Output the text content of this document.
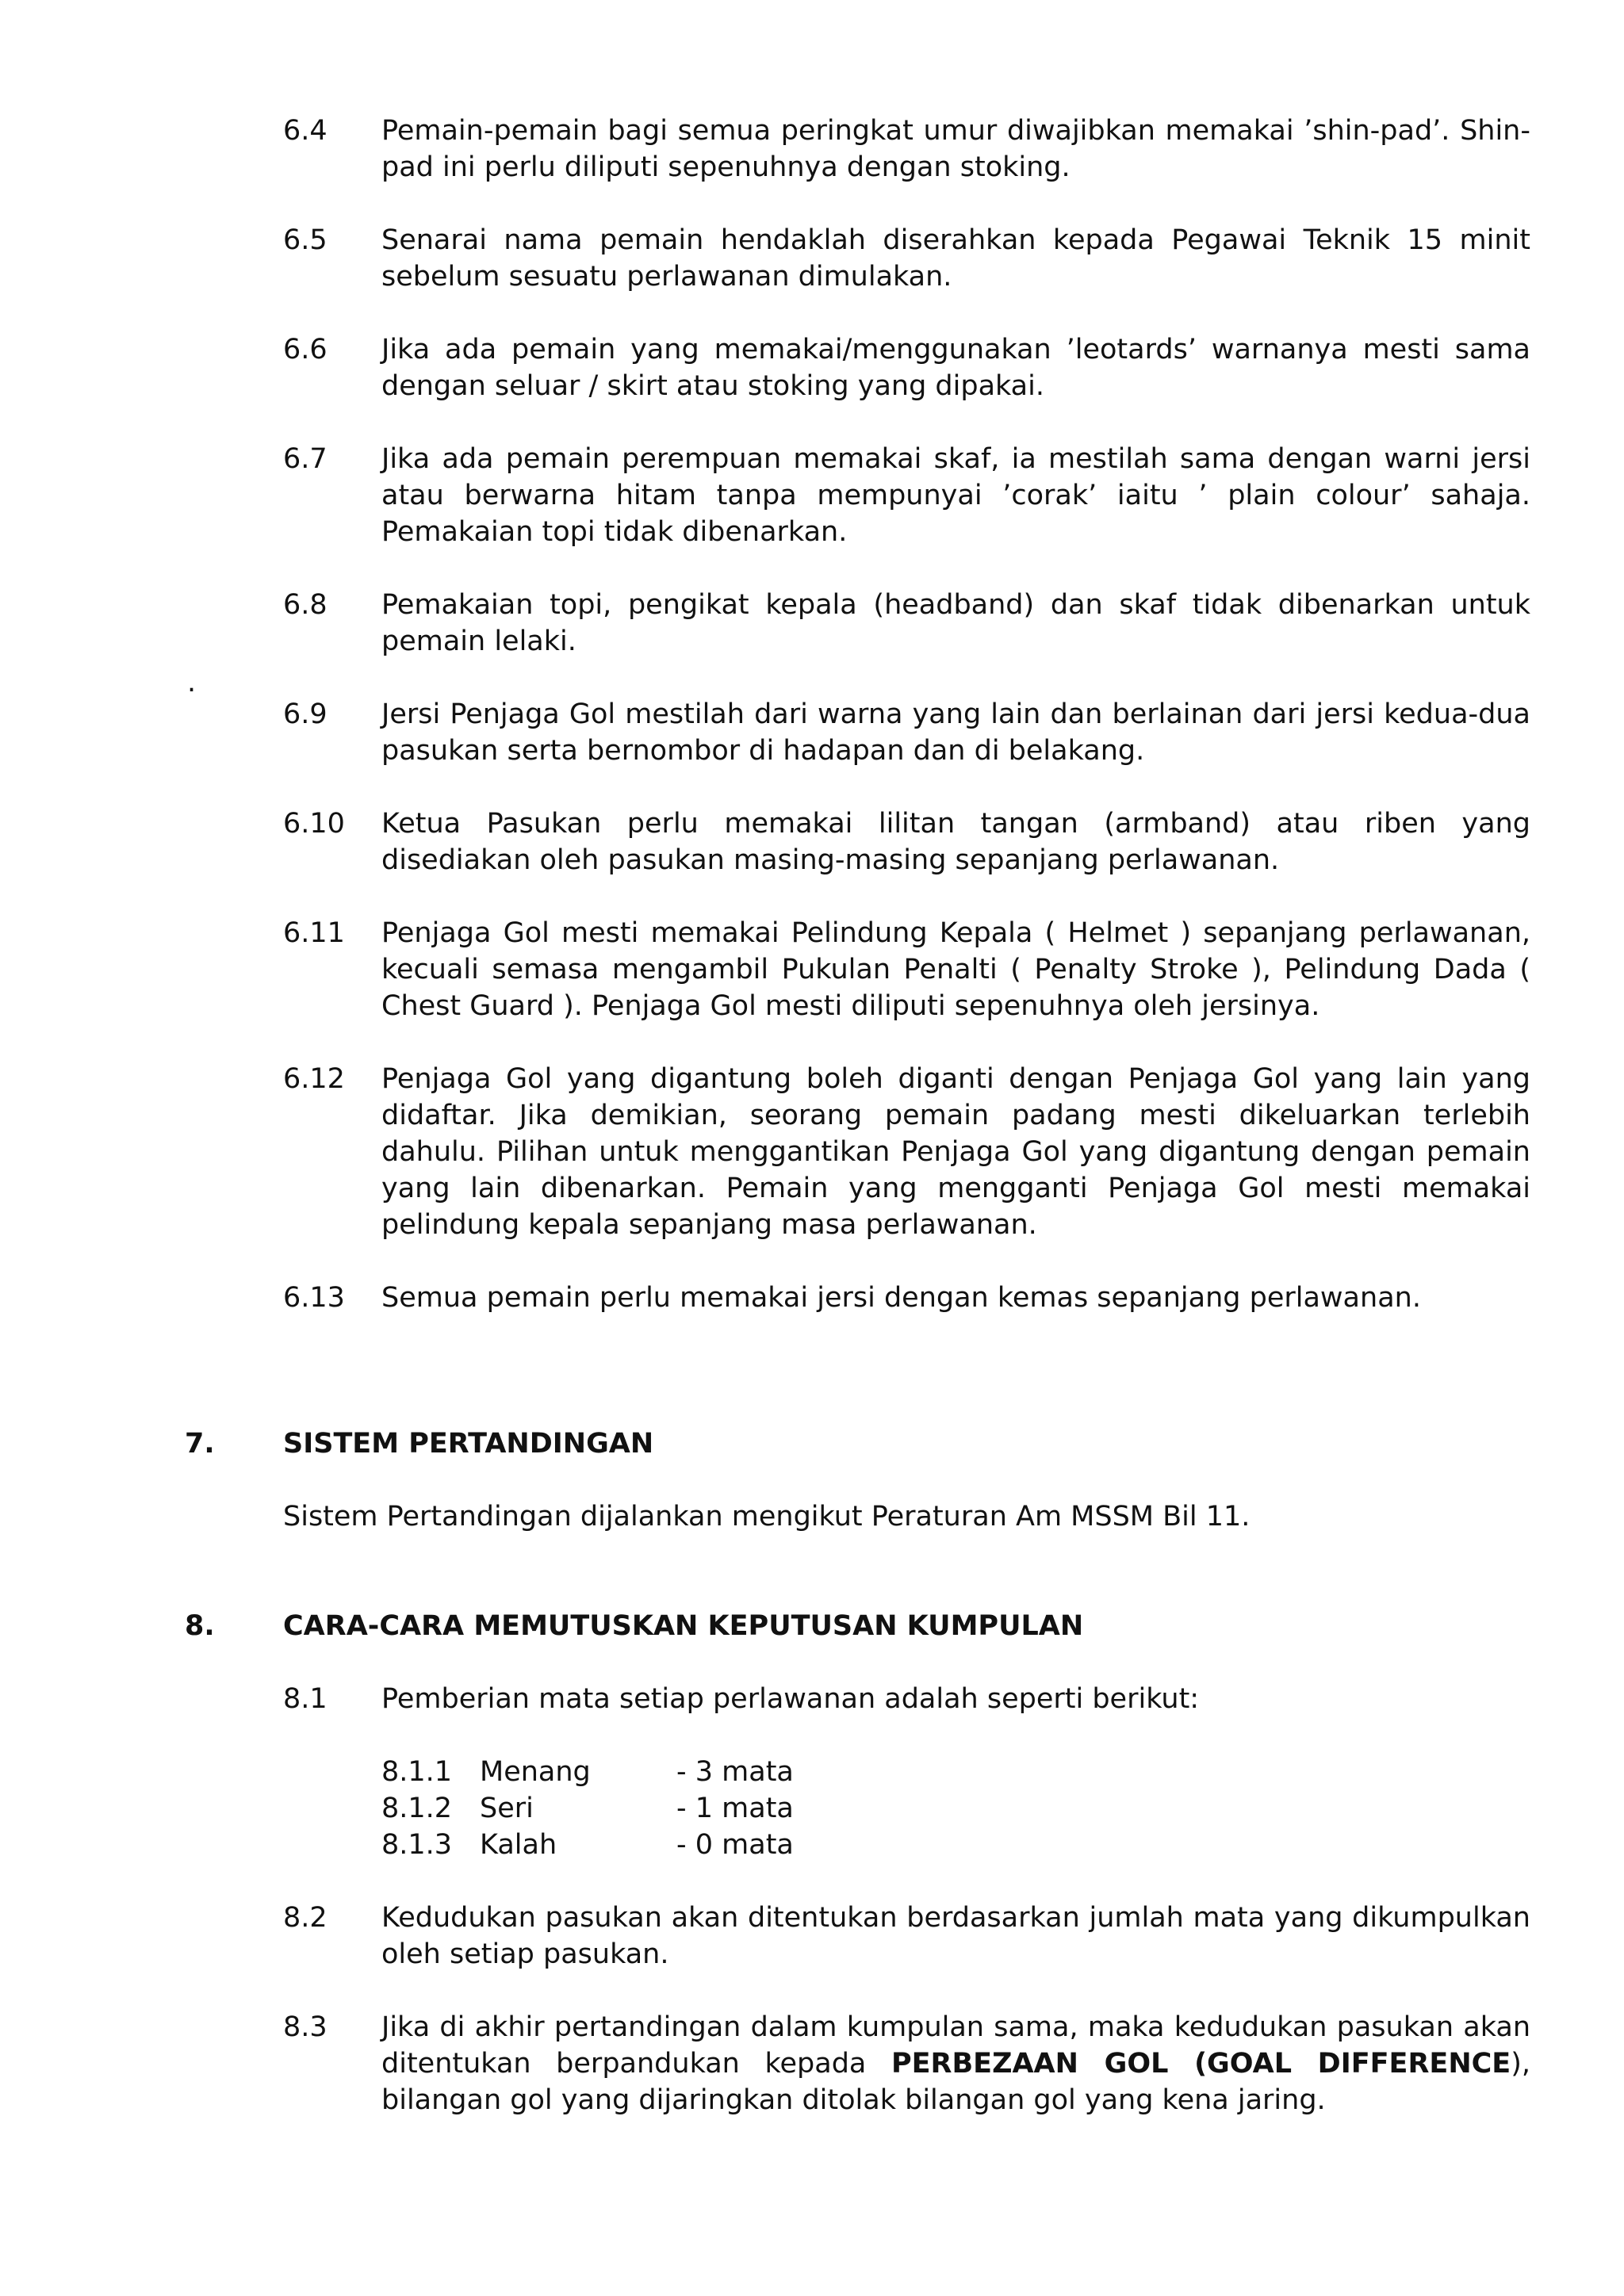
6.4 Pemain-pemain bagi semua peringkat umur diwajibkan memakai ’shin-pad’. Shin-pad ini perlu diliputi sepenuhnya dengan stoking.
6.5 Senarai nama pemain hendaklah diserahkan kepada Pegawai Teknik 15 minit sebelum sesuatu perlawanan dimulakan.
6.6 Jika ada pemain yang memakai/menggunakan ’leotards’ warnanya mesti sama dengan seluar / skirt atau stoking yang dipakai.
6.7 Jika ada pemain perempuan memakai skaf, ia mestilah sama dengan warni jersi atau berwarna hitam tanpa mempunyai ’corak’ iaitu ’ plain colour’ sahaja. Pemakaian topi tidak dibenarkan.
6.8 Pemakaian topi, pengikat kepala (headband) dan skaf tidak dibenarkan untuk pemain lelaki.
.
6.9 Jersi Penjaga Gol mestilah dari warna yang lain dan berlainan dari jersi kedua-dua pasukan serta bernombor di hadapan dan di belakang.
6.10 Ketua Pasukan perlu memakai lilitan tangan (armband) atau riben yang disediakan oleh pasukan masing-masing sepanjang perlawanan.
6.11 Penjaga Gol mesti memakai Pelindung Kepala ( Helmet ) sepanjang perlawanan, kecuali semasa mengambil Pukulan Penalti ( Penalty Stroke ), Pelindung Dada ( Chest Guard ). Penjaga Gol mesti diliputi sepenuhnya oleh jersinya.
6.12 Penjaga Gol yang digantung boleh diganti dengan Penjaga Gol yang lain yang didaftar. Jika demikian, seorang pemain padang mesti dikeluarkan terlebih dahulu. Pilihan untuk menggantikan Penjaga Gol yang digantung dengan pemain yang lain dibenarkan. Pemain yang mengganti Penjaga Gol mesti memakai pelindung kepala sepanjang masa perlawanan.
6.13 Semua pemain perlu memakai jersi dengan kemas sepanjang perlawanan.
7. SISTEM PERTANDINGAN
Sistem Pertandingan dijalankan mengikut Peraturan Am MSSM Bil 11.
8. CARA-CARA MEMUTUSKAN KEPUTUSAN KUMPULAN
8.1 Pemberian mata setiap perlawanan adalah seperti berikut:
8.1.1 Menang	- 3 mata
8.1.2 Seri	- 1 mata
8.1.3 Kalah	- 0 mata
8.2 Kedudukan pasukan akan ditentukan berdasarkan jumlah mata yang dikumpulkan oleh setiap pasukan.
8.3 Jika di akhir pertandingan dalam kumpulan sama, maka kedudukan pasukan akan ditentukan berpandukan kepada PERBEZAAN GOL (GOAL DIFFERENCE), bilangan gol yang dijaringkan ditolak bilangan gol yang kena jaring.
